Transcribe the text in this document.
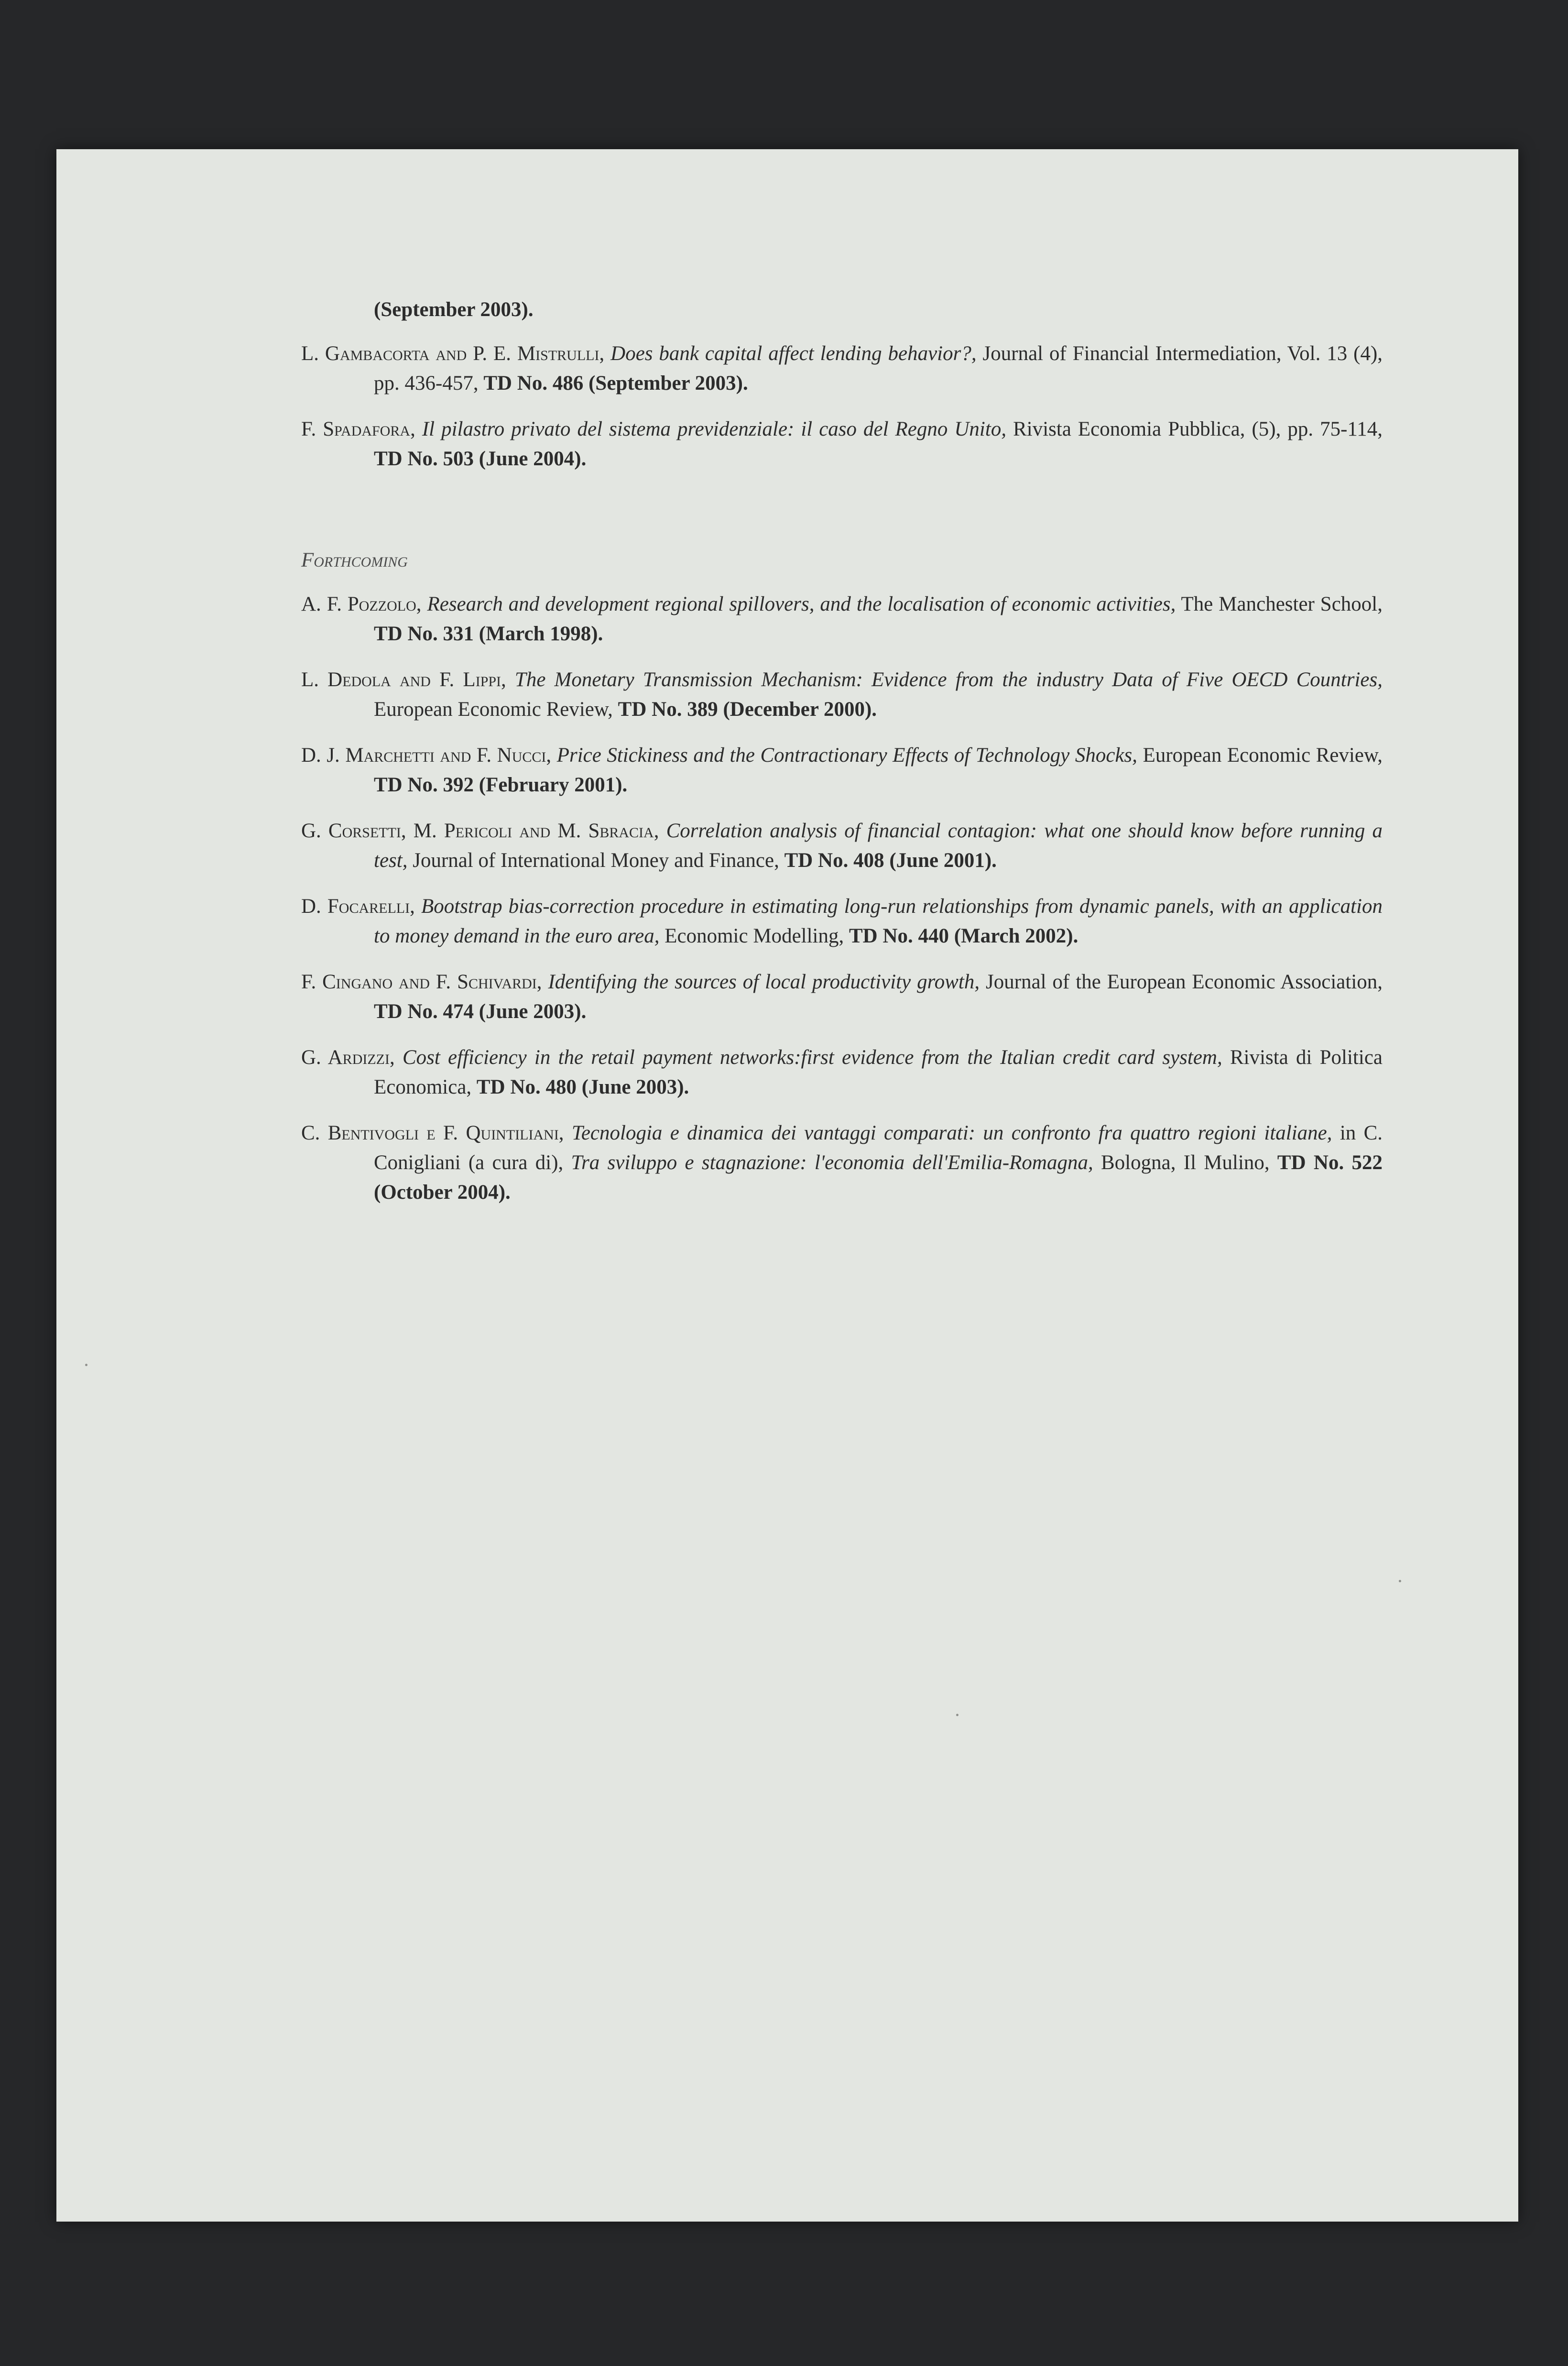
(September 2003).

L. Gambacorta and P. E. Mistrulli, Does bank capital affect lending behavior?, Journal of Financial Intermediation, Vol. 13 (4), pp. 436-457, TD No. 486 (September 2003).

F. Spadafora, Il pilastro privato del sistema previdenziale: il caso del Regno Unito, Rivista Economia Pubblica, (5), pp. 75-114, TD No. 503 (June 2004).

Forthcoming

A. F. Pozzolo, Research and development regional spillovers, and the localisation of economic activities, The Manchester School, TD No. 331 (March 1998).

L. Dedola and F. Lippi, The Monetary Transmission Mechanism: Evidence from the industry Data of Five OECD Countries, European Economic Review, TD No. 389 (December 2000).

D. J. Marchetti and F. Nucci, Price Stickiness and the Contractionary Effects of Technology Shocks, European Economic Review, TD No. 392 (February 2001).

G. Corsetti, M. Pericoli and M. Sbracia, Correlation analysis of financial contagion: what one should know before running a test, Journal of International Money and Finance, TD No. 408 (June 2001).

D. Focarelli, Bootstrap bias-correction procedure in estimating long-run relationships from dynamic panels, with an application to money demand in the euro area, Economic Modelling, TD No. 440 (March 2002).

F. Cingano and F. Schivardi, Identifying the sources of local productivity growth, Journal of the European Economic Association, TD No. 474 (June 2003).

G. Ardizzi, Cost efficiency in the retail payment networks:first evidence from the Italian credit card system, Rivista di Politica Economica, TD No. 480 (June 2003).

C. Bentivogli e F. Quintiliani, Tecnologia e dinamica dei vantaggi comparati: un confronto fra quattro regioni italiane, in C. Conigliani (a cura di), Tra sviluppo e stagnazione: l'economia dell'Emilia-Romagna, Bologna, Il Mulino, TD No. 522 (October 2004).
